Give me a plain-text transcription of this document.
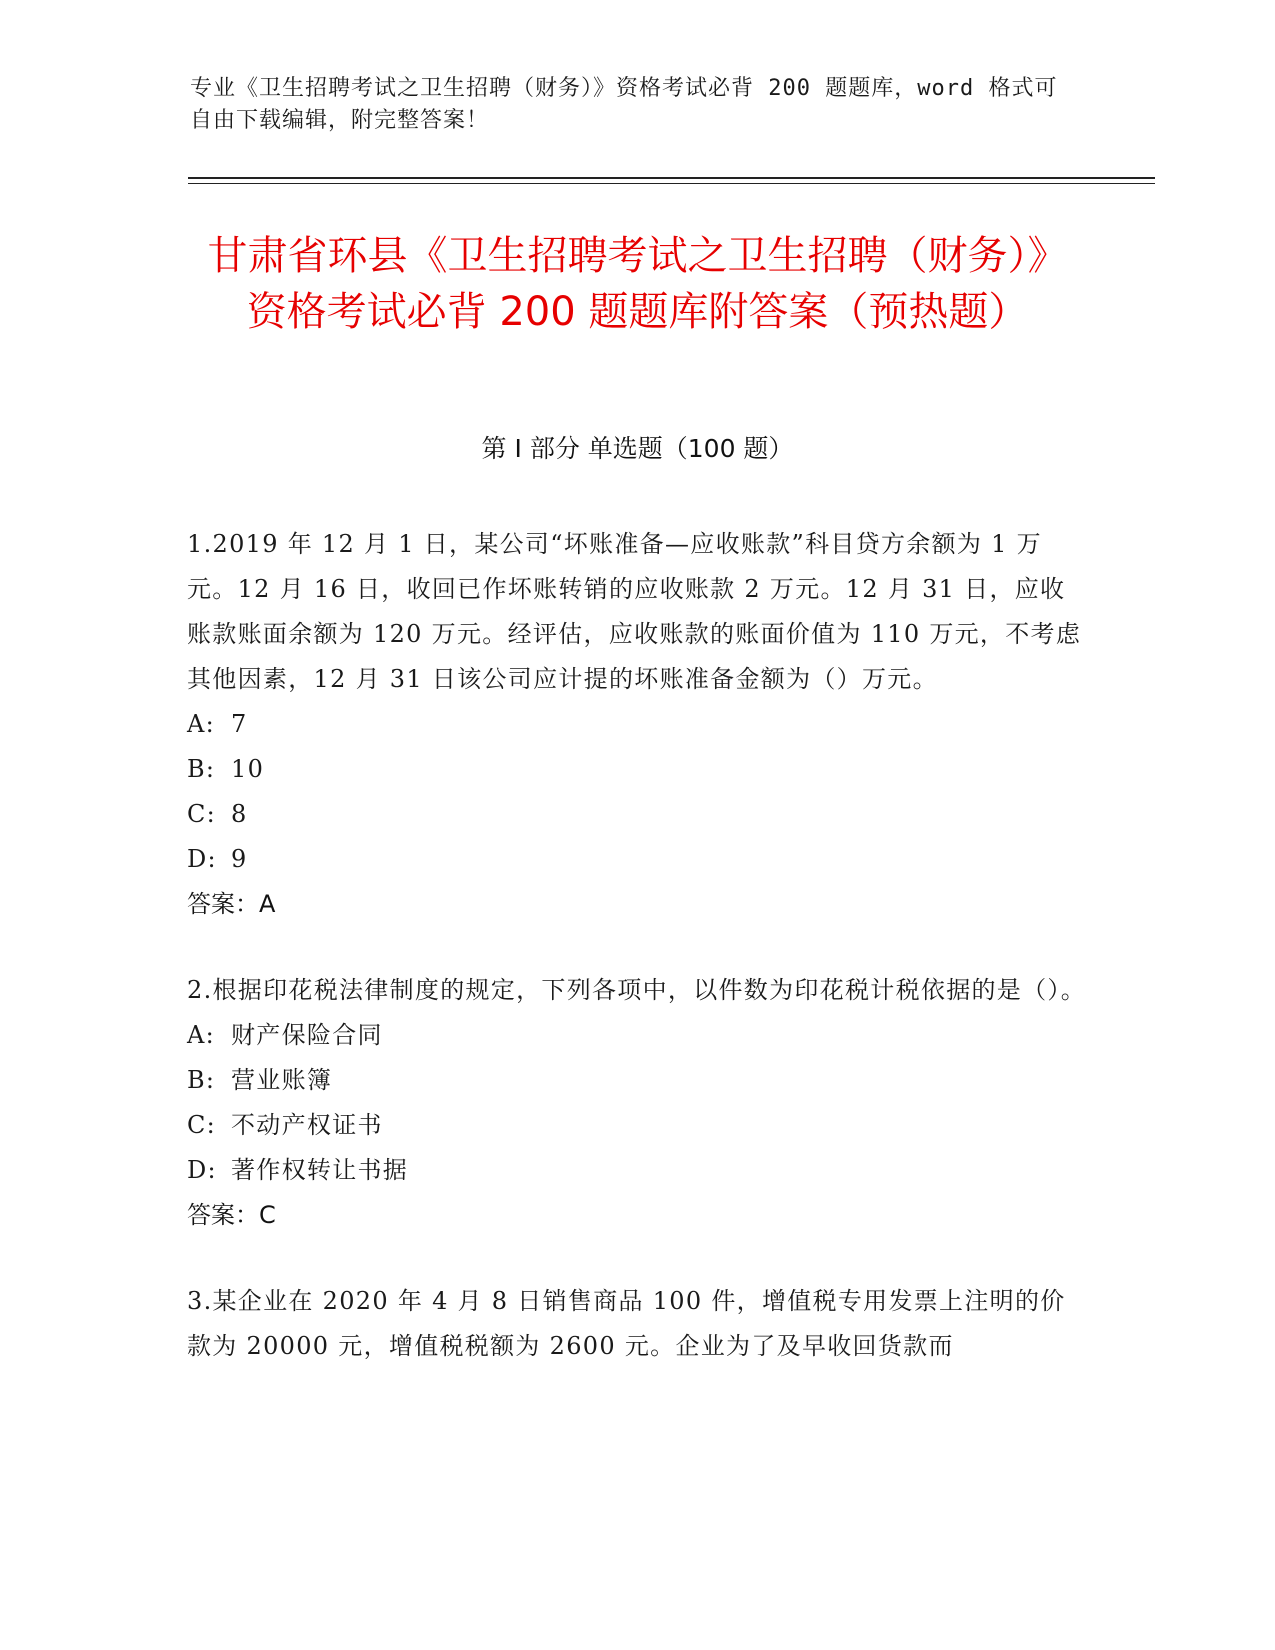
专业《卫生招聘考试之卫生招聘（财务）》资格考试必背 200 题题库，word 格式可自由下载编辑，附完整答案！

甘肃省环县《卫生招聘考试之卫生招聘（财务）》资格考试必背 200 题题库附答案（预热题）
第 I 部分 单选题（100 题）

1.2019 年 12 月 1 日，某公司“坏账准备—应收账款”科目贷方余额为 1 万元。12 月 16 日，收回已作坏账转销的应收账款 2 万元。12 月 31 日，应收账款账面余额为 120 万元。经评估，应收账款的账面价值为 110 万元，不考虑其他因素，12 月 31 日该公司应计提的坏账准备金额为（）万元。

A: 7
B: 10
C: 8
D: 9

答案：A

2.根据印花税法律制度的规定，下列各项中，以件数为印花税计税依据的是（）。

A: 财产保险合同
B: 营业账簿
C: 不动产权证书
D: 著作权转让书据

答案：C

3.某企业在 2020 年 4 月 8 日销售商品 100 件，增值税专用发票上注明的价款为 20000 元，增值税税额为 2600 元。企业为了及早收回货款而
